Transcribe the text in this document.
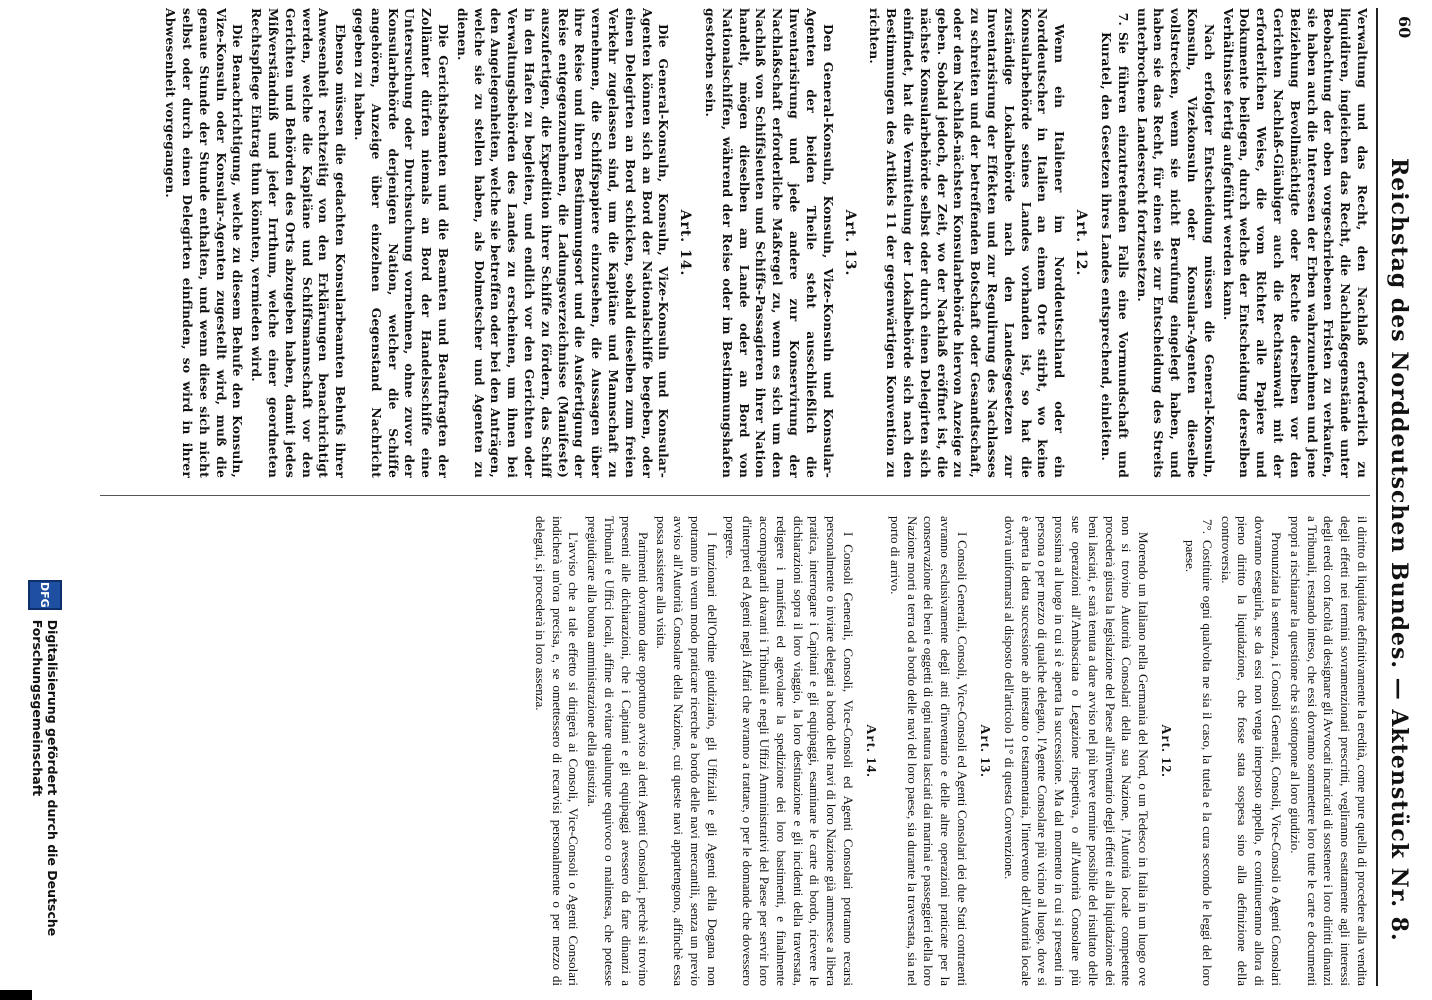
60
Reichstag des Norddeutschen Bundes. — Aktenstück Nr. 8.

Verwaltung und das Recht, den Nachlaß erforderlich zu liquidiren, ingleichen das Recht, die Nachlaßgegenstände unter Beobachtung der oben vorgeschriebenen Fristen zu verkaufen, sie haben auch die Interessen der Erben wahrzunehmen und jene Beiziehung Bevollmächtigte oder Rechte derselben vor den Gerichten Nachlaß-Gläubiger auch die Rechtsanwalt mit der erforderlichen Weise, die vom Richter alle Papiere und Dokumente beilegen, durch welche der Entscheidung derselben Verhältnisse fertig aufgeführt werden kann.

Nach erfolgter Entscheidung müssen die General-Konsuln, Konsuln, Vizekonsuln oder Konsular-Agenten dieselbe vollstrecken, wenn sie nicht Berufung eingelegt haben, und haben sie das Recht, für einen sie zur Entscheidung des Streits unterbrochene Landesrecht fortzusetzen.

7.
Sie führen einzutretenden Falls eine Vormundschaft und Kuratel, den Gesetzen ihres Landes entsprechend, einleiten.
Art. 12.

Wenn ein Italiener im Norddeutschland oder ein Norddeutscher in Italien an einem Orte stirbt, wo keine Konsularbehörde seines Landes vorhanden ist, so hat die zuständige Lokalbehörde nach den Landesgesetzen zur Inventarisirung der Effekten und zur Regulirung des Nachlasses zu schreiten und der betreffenden Botschaft oder Gesandtschaft, oder dem Nachlaß-nächsten Konsularbehörde hiervon Anzeige zu geben. Sobald jedoch, der Zeit, wo der Nachlaß eröffnet ist, die nächste Konsularbehörde selbst oder durch einen Delegirten sich einfindet, hat die Vermittelung der Lokalbehörde sich nach den Bestimmungen des Artikels 11 der gegenwärtigen Konvention zu richten.

Art. 13.

Den General-Konsuln, Konsuln, Vize-Konsuln und Konsular-Agenten der beiden Theile steht ausschließlich die Inventarisirung und jede andere zur Konservirung der Nachlaßschaft erforderliche Maßregel zu, wenn es sich um den Nachlaß von Schiffsleuten und Schiffs-Passagieren ihrer Nation handelt, mögen dieselben am Lande oder an Bord von Nationalschiffen, während der Reise oder im Bestimmungshafen gestorben sein.

Art. 14.

Die General-Konsuln, Konsuln, Vize-Konsuln und Konsular-Agenten können sich an Bord der Nationalschiffe begeben, oder einen Delegirten an Bord schicken, sobald dieselben zum freien Verkehr zugelassen sind, um die Kapitäne und Mannschaft zu vernehmen, die Schiffspapiere einzusehen, die Aussagen über ihre Reise und ihren Bestimmungsort und die Ausfertigung der Reise entgegenzunehmen, die Ladungsverzeichnisse (Manifeste) auszufertigen, die Expedition ihrer Schiffe zu fördern, das Schiff in den Hafen zu begleiten, und endlich vor den Gerichten oder Verwaltungsbehörden des Landes zu erscheinen, um ihnen bei den Angelegenheiten, welche sie betreffen oder bei den Anträgen, welche sie zu stellen haben, als Dolmetscher und Agenten zu dienen.

Die Gerichtsbeamten und die Beamten und Beauftragten der Zollämter dürfen niemals an Bord der Handelsschiffe eine Untersuchung oder Durchsuchung vornehmen, ohne zuvor der Konsularbehörde derjenigen Nation, welcher die Schiffe angehören, Anzeige über einzelnen Gegenstand Nachricht gegeben zu haben.

Ebenso müssen die gedachten Konsularbeamten Behufs ihrer Anwesenheit rechtzeitig von den Erklärungen benachrichtigt werden, welche die Kapitäne und Schiffsmannschaft vor den Gerichten und Behörden des Orts abzugeben haben, damit jedes Mißverständniß und jeder Irrthum, welche einer geordneten Rechtspflege Eintrag thun könnten, vermieden wird.

Die Benachrichtigung, welche zu diesem Behufe den Konsuln, Vize-Konsuln oder Konsular-Agenten zugestellt wird, muß die genaue Stunde der Stunde enthalten, und wenn diese sich nicht selbst oder durch einen Delegirten einfinden, so wird in ihrer Abwesenheit vorgegangen.

il diritto di liquidare definitivamente la eredità, come pure quella di procedere alla vendita degli effetti nei termini sovramenzionati prescritti, vegliranno esattamente agli interessi degli eredi con facoltà di designare gli Avvocati incaricati di sostenere i loro diritti dinanzi a Tribunali, restando inteso, che essi dovranno sommettere loro tutte le carte e documenti propri a rischiarare la questione che si sottopone al loro giudizio.

Pronunziata la sentenza, i Consoli Generali, Consoli, Vice-Consoli o Agenti Consolari dovranno eseguirla, se da essi non venga interposto appello, e continueranno allora di pieno diritto la liquidazione, che fosse stata sospesa sino alla definizione della controversia.

7°.
Costituire ogni qualvolta ne sia il caso, la tutela e la cura secondo le leggi del loro paese.
Art. 12.

Morendo un Italiano nella Germania del Nord, o un Tedesco in Italia in un luogo ove non si trovino Autorità Consolari della sua Nazione, l'Autorità locale competente procederà giusta la legislazione del Paese all'inventario degli effetti e alla liquidazione dei beni lasciati, e sarà tenuta a dare avviso nel più breve termine possibile del risultato delle sue operazioni all'Ambasciata o Legazione rispettiva, o all'Autorità Consolare più prossima al luogo in cui si è aperta la successione. Ma dal momento in cui si presenti in persona o per mezzo di qualche delegato, l'Agente Consolare più vicino al luogo, dove si è aperta la detta successione ab intestato o testamentaria, l'intervento dell'Autorità locale dovrà uniformarsi al disposto dell'articolo 11° di questa Convenzione.

Art. 13.

I Consoli Generali, Consoli, Vice-Consoli ed Agenti Consolari dei due Stati contraenti avranno esclusivamente degli atti d'inventario e delle altre operazioni praticate per la conservazione dei beni e oggetti di ogni natura lasciati dai marinai e passeggieri della loro Nazione morti a terra od a bordo delle navi del loro paese, sia durante la traversata, sia nel porto di arrivo.

Art. 14.

I Consoli Generali, Consoli, Vice-Consoli ed Agenti Consolari potranno recarsi personalmente o inviare delegati a bordo delle navi di loro Nazione già ammesse a libera pratica, interrogare i Capitani e gli equipaggi, esaminare le carte di bordo, ricevere le dichiarazioni sopra il loro viaggio, la loro destinazione e gli incidenti della traversata, redigere i manifesti ed agevolare la spedizione dei loro bastimenti, e finalmente accompagnarli davanti i Tribunali e negli Uffizi Amministrativi del Paese per servir loro d'interpreti ed Agenti negli Affari che avranno a trattare, o per le domande che dovessero porgere.

I funzionari dell'Ordine giudiziario, gli Uffiziali e gli Agenti della Dogana non potranno in verun modo praticare ricerche a bordo delle navi mercantili, senza un previo avviso all'Autorità Consolare della Nazione, cui queste navi appartengono, affinchè essa possa assistere alla visita.

Parimenti dovranno dare opportuno avviso ai detti Agenti Consolari, perchè si trovino presenti alle dichiarazioni, che i Capitani e gli equipaggi avessero da fare dinanzi a Tribunali e Uffici locali, affine di evitare qualunque equivoco o malintesa, che potesse pregiudicare alla buona amministrazione della giustizia.

L'avviso che a tale effetto si dirigerà ai Consoli, Vice-Consoli o Agenti Consolari indicherà un'ora precisa, e, se omettessero di recarvisi personalmente o per mezzo di delegati, si procederà in loro assenza.

DFG
Digitalisierung gefördert durch die Deutsche Forschungsgemeinschaft
